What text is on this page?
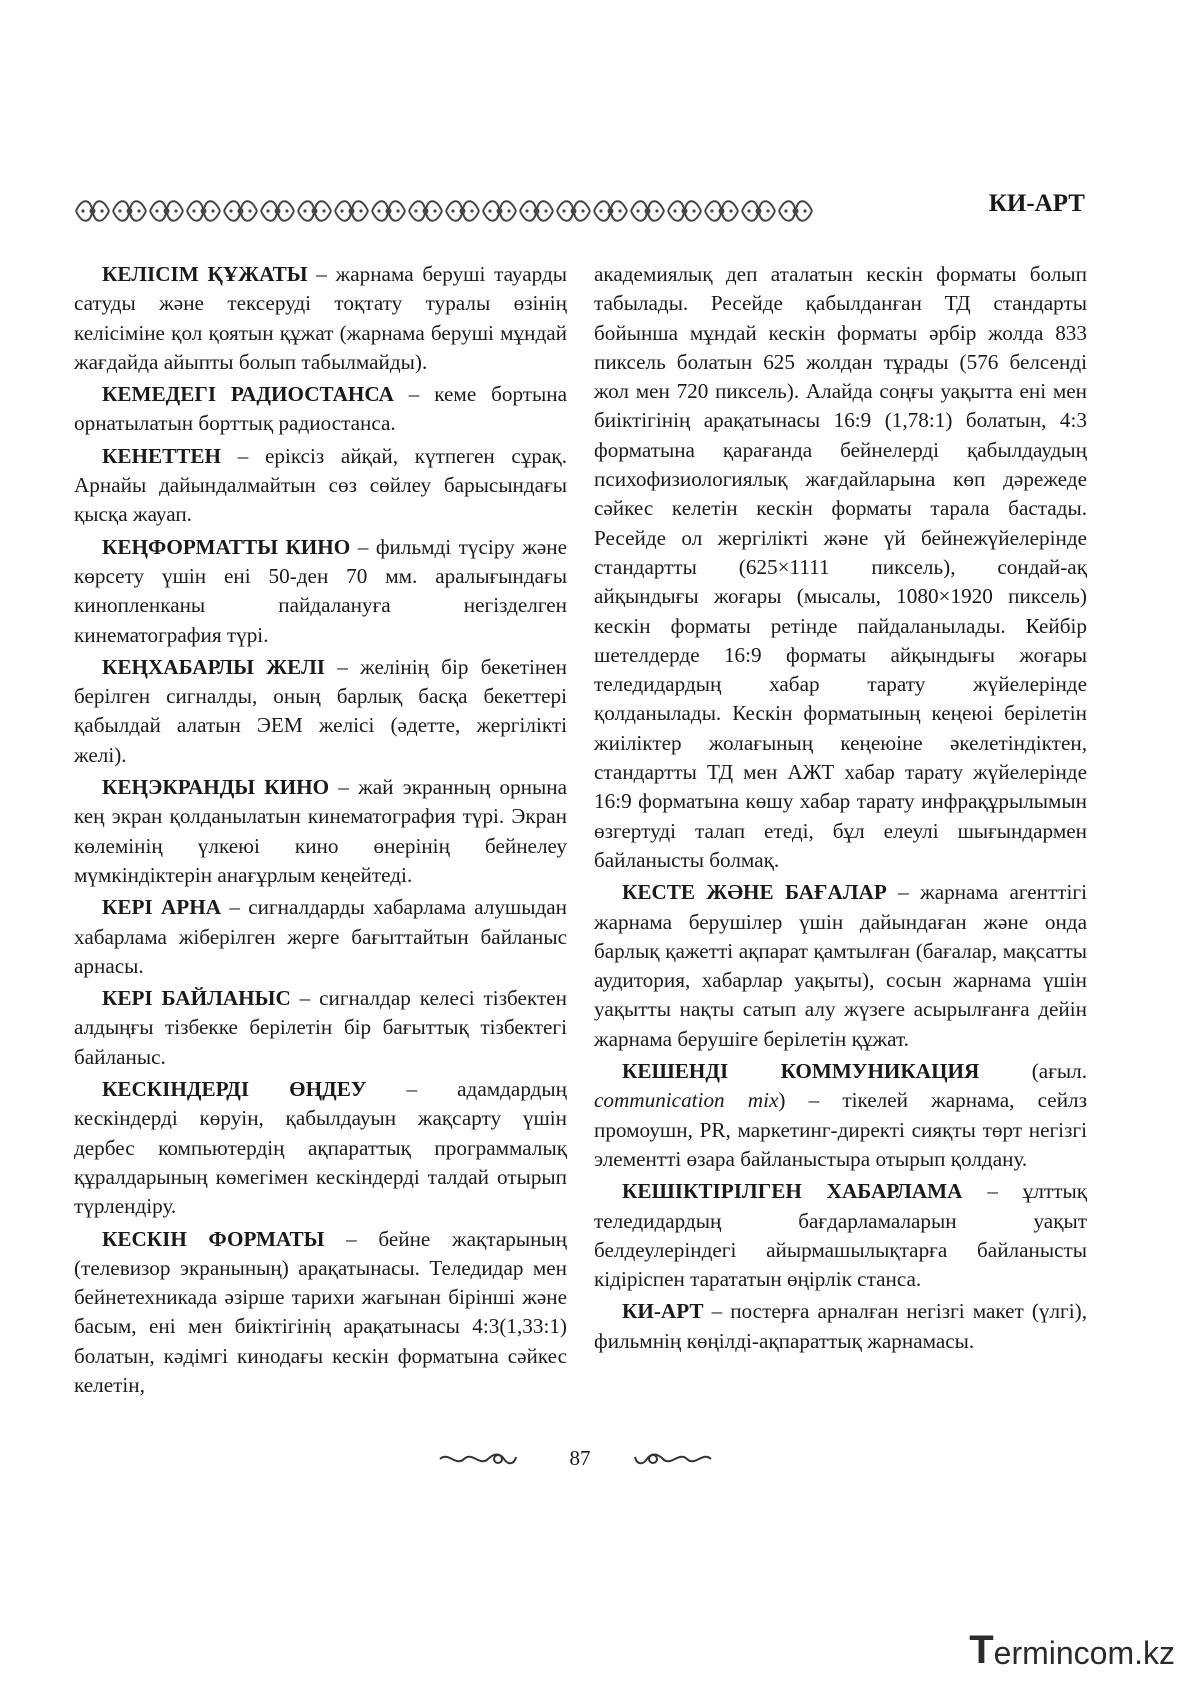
КИ-АРТ

КЕЛІСІМ ҚҰЖАТЫ – жарнама беруші тауарды сатуды және тексеруді тоқтату туралы өзінің келісіміне қол қоятын құжат (жарнама беруші мұндай жағдайда айыпты болып табылмайды).

КЕМЕДЕГІ РАДИОСТАНСА – кеме бортына орнатылатын борттық радиостанса.

КЕНЕТТЕН – еріксіз айқай, күтпеген сұрақ. Арнайы дайындалмайтын сөз сөйлеу барысындағы қысқа жауап.

КЕҢФОРМАТТЫ КИНО – фильмді түсіру және көрсету үшін ені 50-ден 70 мм. аралығындағы кинопленканы пайдалануға негізделген кинематография түрі.

КЕҢХАБАРЛЫ ЖЕЛІ – желінің бір бекетінен берілген сигналды, оның барлық басқа бекеттері қабылдай алатын ЭЕМ желісі (әдетте, жергілікті желі).

КЕҢЭКРАНДЫ КИНО – жай экранның орнына кең экран қолданылатын кинематография түрі. Экран көлемінің үлкеюі кино өнерінің бейнелеу мүмкіндіктерін анағұрлым кеңейтеді.

КЕРІ АРНА – сигналдарды хабарлама алушыдан хабарлама жіберілген жерге бағыттайтын байланыс арнасы.

КЕРІ БАЙЛАНЫС – сигналдар келесі тізбектен алдыңғы тізбекке берілетін бір бағыттық тізбектегі байланыс.

КЕСКІНДЕРДІ ӨҢДЕУ – адамдардың кескіндерді көруін, қабылдауын жақсарту үшін дербес компьютердің ақпараттық программалық құралдарының көмегімен кескіндерді талдай отырып түрлендіру.

КЕСКІН ФОРМАТЫ – бейне жақтарының (телевизор экранының) арақатынасы. Теледидар мен бейнетехникада әзірше тарихи жағынан бірінші және басым, ені мен биіктігінің арақатынасы 4:3(1,33:1) болатын, кәдімгі кинодағы кескін форматына сәйкес келетін,

академиялық деп аталатын кескін форматы болып табылады. Ресейде қабылданған ТД стандарты бойынша мұндай кескін форматы әрбір жолда 833 пиксель болатын 625 жолдан тұрады (576 белсенді жол мен 720 пиксель). Алайда соңғы уақытта ені мен биіктігінің арақатынасы 16:9 (1,78:1) болатын, 4:3 форматына қарағанда бейнелерді қабылдаудың психофизиологиялық жағдайларына көп дәрежеде сәйкес келетін кескін форматы тарала бастады. Ресейде ол жергілікті және үй бейнежүйелерінде стандартты (625×1111 пиксель), сондай-ақ айқындығы жоғары (мысалы, 1080×1920 пиксель) кескін форматы ретінде пайдаланылады. Кейбір шетелдерде 16:9 форматы айқындығы жоғары теледидардың хабар тарату жүйелерінде қолданылады. Кескін форматының кеңеюі берілетін жиіліктер жолағының кеңеюіне әкелетіндіктен, стандартты ТД мен АЖТ хабар тарату жүйелерінде 16:9 форматына көшу хабар тарату инфрақұрылымын өзгертуді талап етеді, бұл елеулі шығындармен байланысты болмақ.

КЕСТЕ ЖӘНЕ БАҒАЛАР – жарнама агенттігі жарнама берушілер үшін дайындаған және онда барлық қажетті ақпарат қамтылған (бағалар, мақсатты аудитория, хабарлар уақыты), сосын жарнама үшін уақытты нақты сатып алу жүзеге асырылғанға дейін жарнама берушіге берілетін құжат.

КЕШЕНДІ КОММУНИКАЦИЯ (ағыл. communication mix) – тікелей жарнама, сейлз промоушн, PR, маркетинг-директі сияқты төрт негізгі элементті өзара байланыстыра отырып қолдану.

КЕШІКТІРІЛГЕН ХАБАРЛАМА – ұлттық теледидардың бағдарламаларын уақыт белдеулеріндегі айырмашылықтарға байланысты кідіріспен тарататын өңірлік станса.

КИ-АРТ – постерға арналған негізгі макет (үлгі), фильмнің көңілді-ақпараттық жарнамасы.

87
T ermincom.kz
